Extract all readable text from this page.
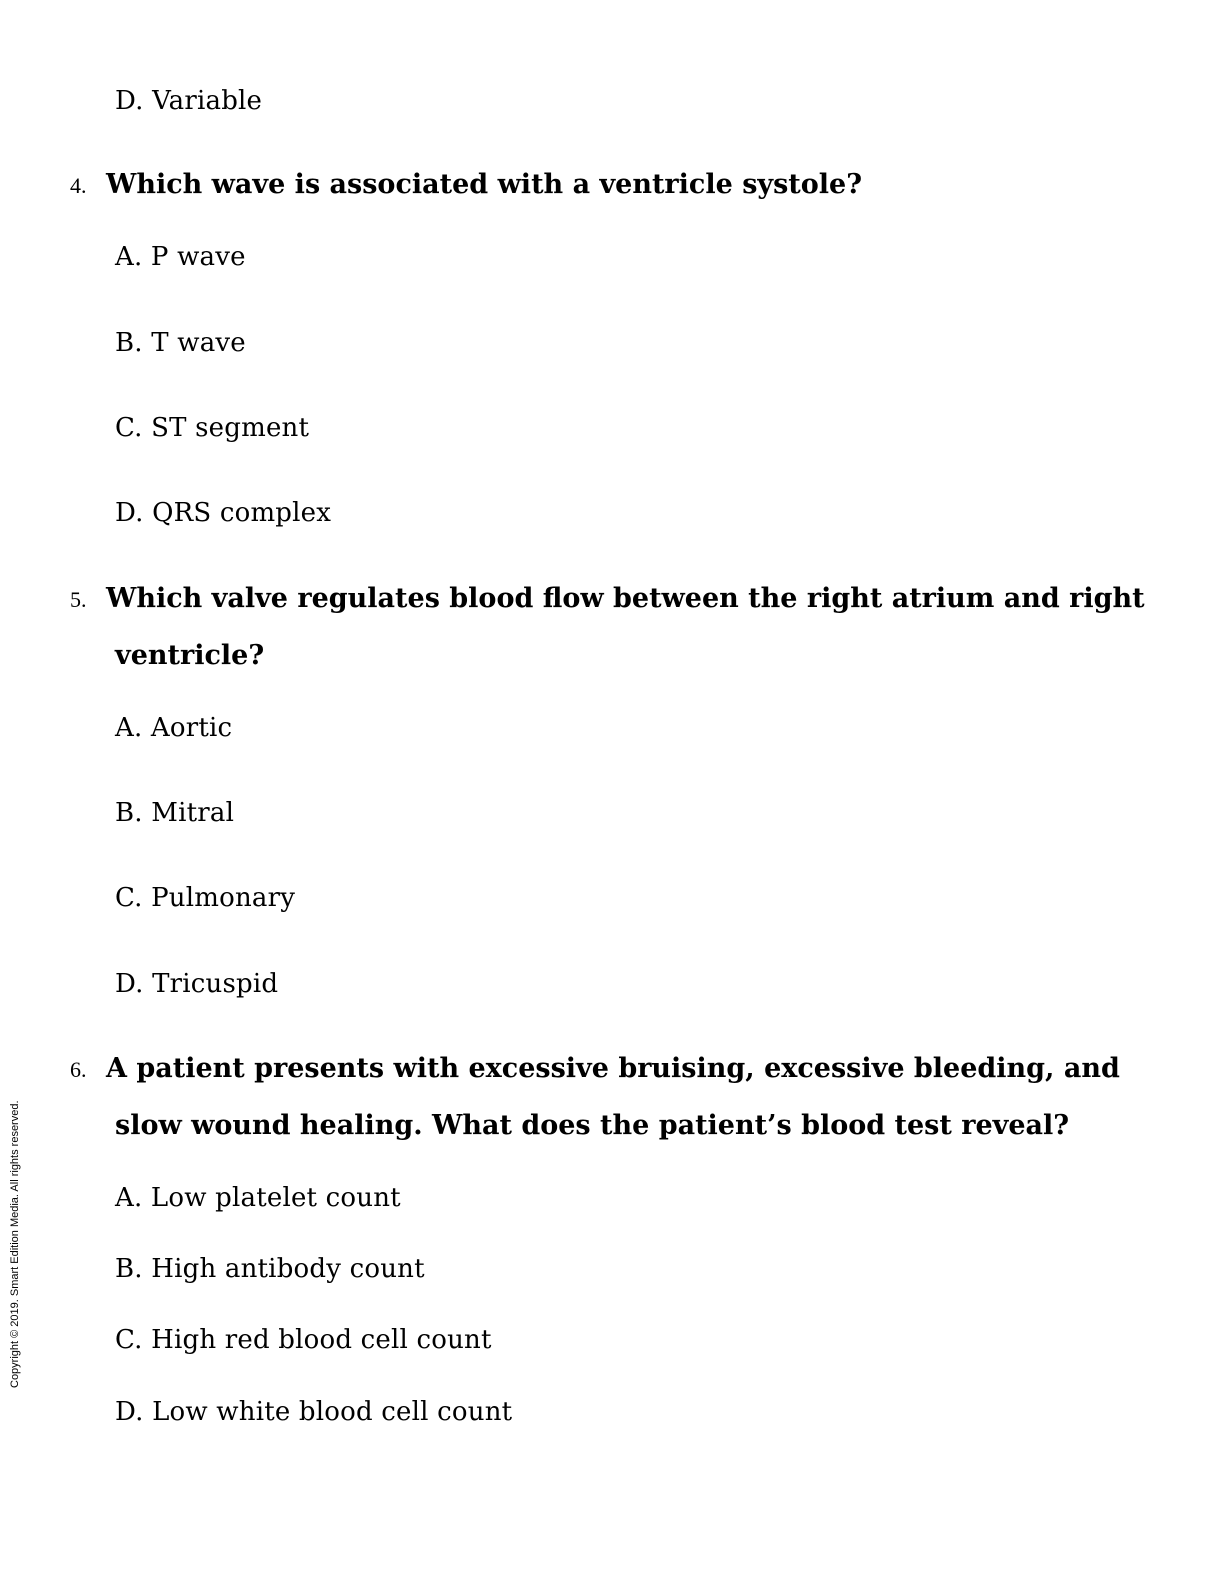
D. Variable
4. Which wave is associated with a ventricle systole?
A. P wave
B. T wave
C. ST segment
D. QRS complex
5. Which valve regulates blood flow between the right atrium and right
ventricle?
A. Aortic
B. Mitral
C. Pulmonary
D. Tricuspid
6. A patient presents with excessive bruising, excessive bleeding, and
slow wound healing. What does the patient’s blood test reveal?
A. Low platelet count
B. High antibody count
C. High red blood cell count
D. Low white blood cell count
Copyright © 2019. Smart Edition Media. All rights reserved.
